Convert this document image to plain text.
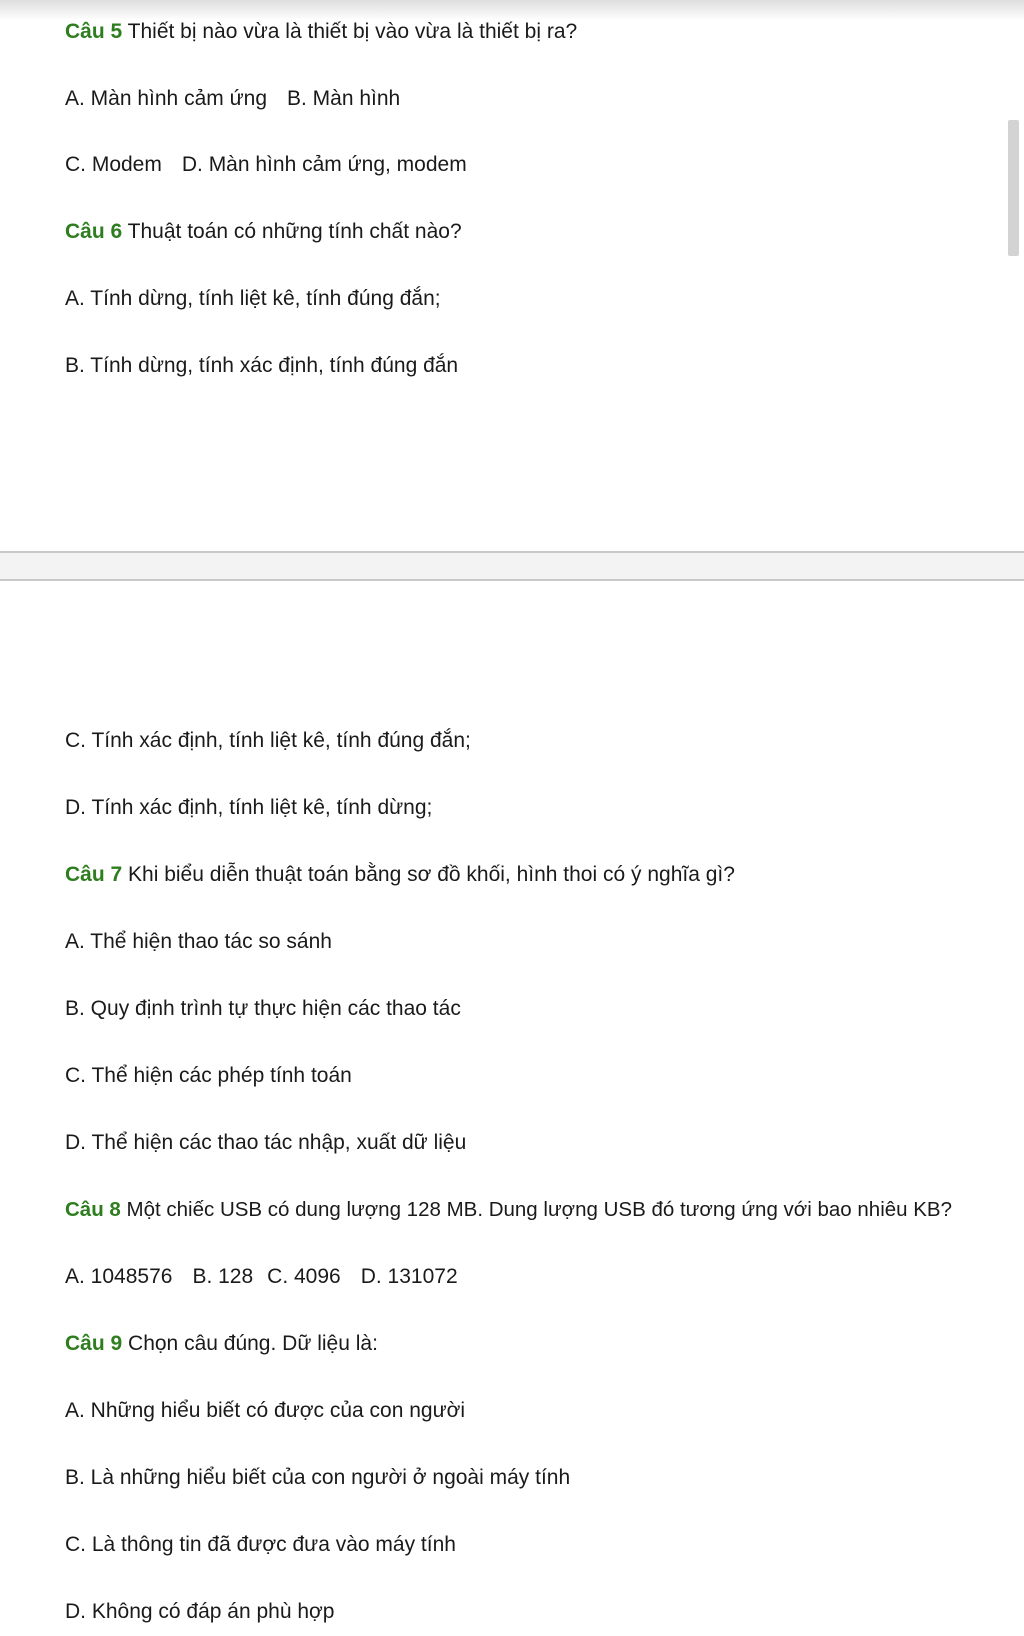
Câu 5 Thiết bị nào vừa là thiết bị vào vừa là thiết bị ra?
A. Màn hình cảm ứng B. Màn hình
C. Modem D. Màn hình cảm ứng, modem
Câu 6 Thuật toán có những tính chất nào?
A. Tính dừng, tính liệt kê, tính đúng đắn;
B. Tính dừng, tính xác định, tính đúng đắn
C. Tính xác định, tính liệt kê, tính đúng đắn;
D. Tính xác định, tính liệt kê, tính dừng;
Câu 7 Khi biểu diễn thuật toán bằng sơ đồ khối, hình thoi có ý nghĩa gì?
A. Thể hiện thao tác so sánh
B. Quy định trình tự thực hiện các thao tác
C. Thể hiện các phép tính toán
D. Thể hiện các thao tác nhập, xuất dữ liệu
Câu 8 Một chiếc USB có dung lượng 128 MB. Dung lượng USB đó tương ứng với bao nhiêu KB?
A. 1048576 B. 128 C. 4096 D. 131072
Câu 9 Chọn câu đúng. Dữ liệu là:
A. Những hiểu biết có được của con người
B. Là những hiểu biết của con người ở ngoài máy tính
C. Là thông tin đã được đưa vào máy tính
D. Không có đáp án phù hợp
